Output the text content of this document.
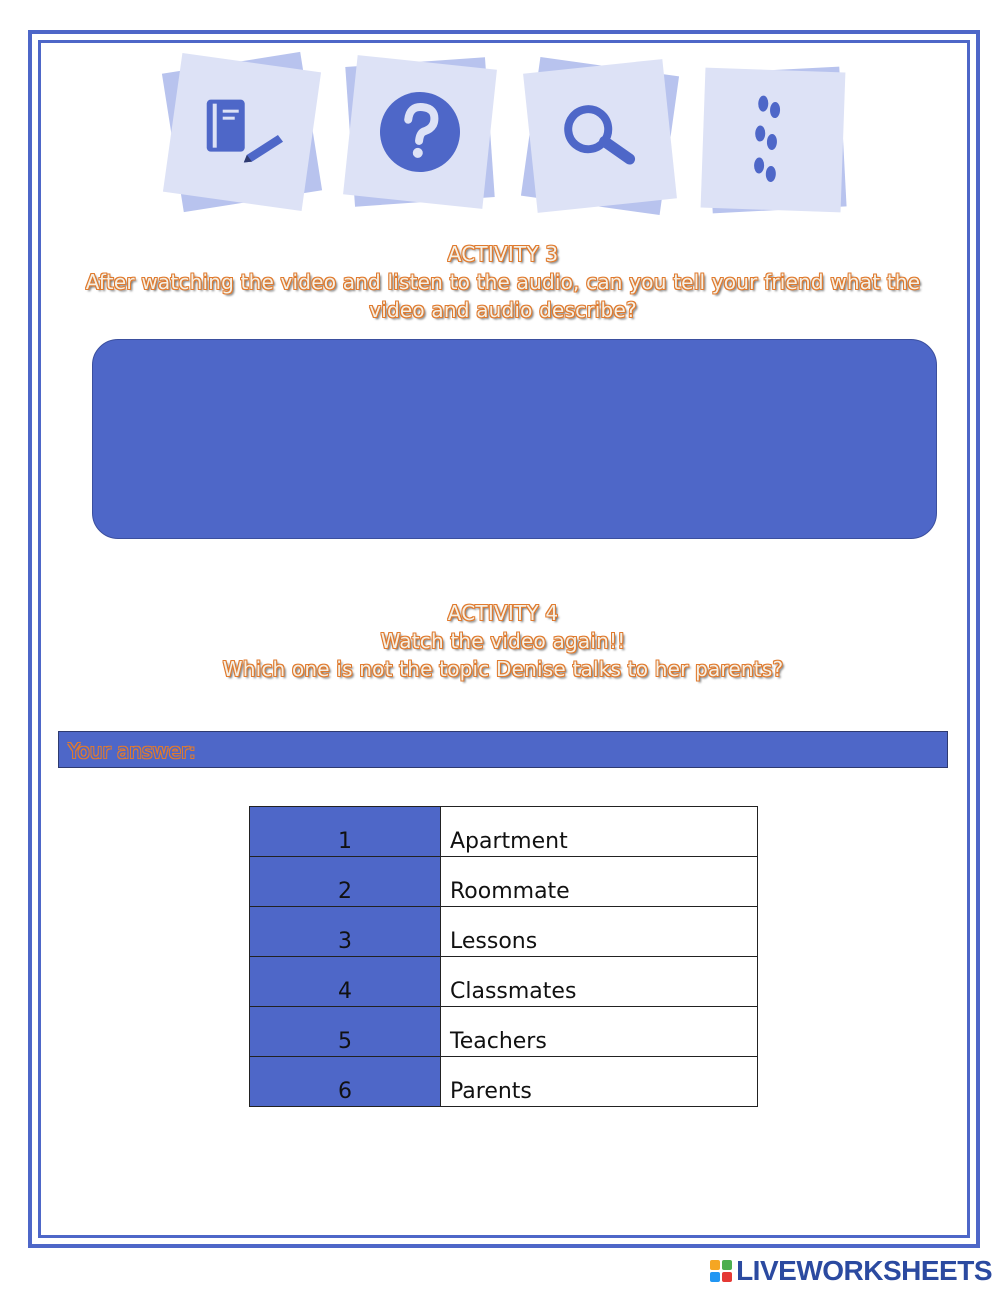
ACTIVITY 3
After watching the video and listen to the audio, can you tell your friend what the
video and audio describe?
ACTIVITY 4
Watch the video again!!
Which one is not the topic Denise talks to her parents?
Your answer:
1	Apartment
2	Roommate
3	Lessons
4	Classmates
5	Teachers
6	Parents
LIVEWORKSHEETS
